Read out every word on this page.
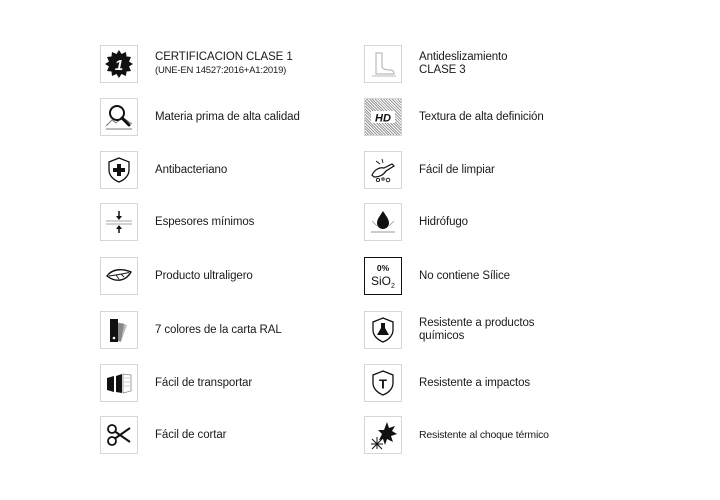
1	CERTIFICACION CLASE 1
(UNE-EN 14527:2016+A1:2019)
Materia prima de alta calidad
Antibacteriano
Espesores mínimos
Producto ultraligero
7 colores de la carta RAL
Fácil de transportar
Fácil de cortar
Antideslizamiento
CLASE 3
HD Textura de alta definición
Fácil de limpiar
Hidrófugo
0%
SiO 2
No contiene Sílice
Resistente a productos
químicos
T	Resistente a impactos
Resistente al choque térmico
